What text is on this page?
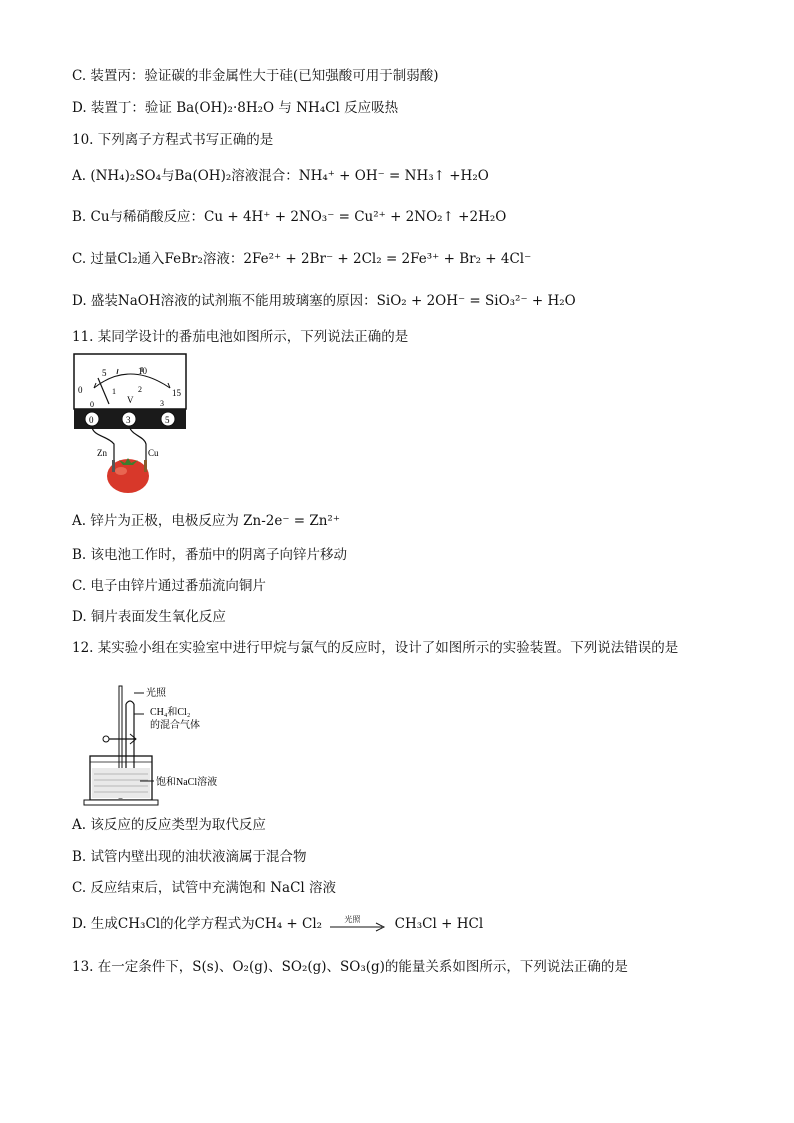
C. 装置丙：验证碳的非金属性大于硅(已知强酸可用于制弱酸)
D. 装置丁：验证 Ba(OH)₂·8H₂O 与 NH₄Cl 反应吸热
10. 下列离子方程式书写正确的是
A. (NH₄)₂SO₄与Ba(OH)₂溶液混合：NH₄⁺ + OH⁻ = NH₃↑ +H₂O
B. Cu与稀硝酸反应：Cu + 4H⁺ + 2NO₃⁻ = Cu²⁺ + 2NO₂↑ +2H₂O
C. 过量Cl₂通入FeBr₂溶液：2Fe²⁺ + 2Br⁻ + 2Cl₂ = 2Fe³⁺ + Br₂ + 4Cl⁻
D. 盛装NaOH溶液的试剂瓶不能用玻璃塞的原因：SiO₂ + 2OH⁻ = SiO₃²⁻ + H₂O
11. 某同学设计的番茄电池如图所示，下列说法正确的是
0
5	10
15
0
1	2
3
V
0	3	5
Zn	Cu
A. 锌片为正极，电极反应为 Zn-2e⁻ = Zn²⁺
B. 该电池工作时，番茄中的阴离子向锌片移动
C. 电子由锌片通过番茄流向铜片
D. 铜片表面发生氧化反应
12. 某实验小组在实验室中进行甲烷与氯气的反应时，设计了如图所示的实验装置。下列说法错误的是
光照
CH₄和Cl₂
的混合气体
饱和NaCl溶液
A. 该反应的反应类型为取代反应
B. 试管内壁出现的油状液滴属于混合物
C. 反应结束后，试管中充满饱和 NaCl 溶液
D. 生成CH₃Cl的化学方程式为CH₄ + Cl₂	光照	CH₃Cl + HCl
13. 在一定条件下，S(s)、O₂(g)、SO₂(g)、SO₃(g)的能量关系如图所示，下列说法正确的是
